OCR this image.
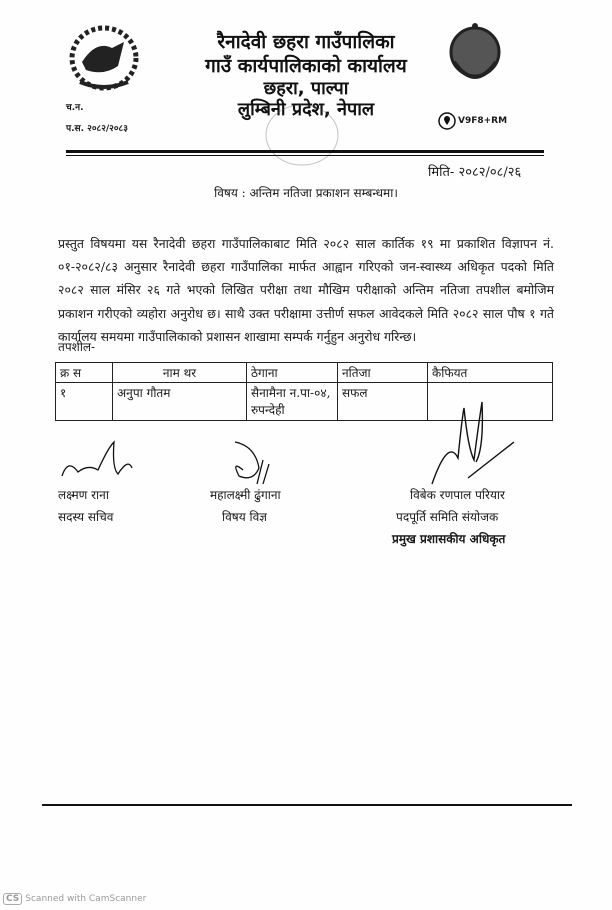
रैनादेवी छहरा गाउँपालिका
गाउँ कार्यपालिकाको कार्यालय
छहरा, पाल्पा
लुम्बिनी प्रदेश, नेपाल
च.न.
प.स. २०८२/२०८३
V9F8+RM
मिति- २०८२/०८/२६
विषय : अन्तिम नतिजा प्रकाशन सम्बन्धमा।
प्रस्तुत विषयमा यस रैनादेवी छहरा गाउँपालिकाबाट मिति २०८२ साल कार्तिक १९ मा प्रकाशित विज्ञापन नं. ०१-२०८२/८३ अनुसार रैनादेवी छहरा गाउँपालिका मार्फत आह्वान गरिएको जन-स्वास्थ्य अधिकृत पदको मिति २०८२ साल मंसिर २६ गते भएको लिखित परीक्षा तथा मौखिम परीक्षाको अन्तिम नतिजा तपशील बमोजिम प्रकाशन गरीएको व्यहोरा अनुरोध छ। साथै उक्त परीक्षामा उत्तीर्ण सफल आवेदकले मिति २०८२ साल पौष १ गते कार्यालय समयमा गाउँपालिकाको प्रशासन शाखामा सम्पर्क गर्नुहुन अनुरोध गरिन्छ।
तपशील-
क्र स	नाम थर	ठेगाना	नतिजा	कैफियत
१	अनुपा गौतम	सैनामैना न.पा-०४, रुपन्देही	सफल	
लक्ष्मण राना
सदस्य सचिव
महालक्ष्मी ढुंगाना
विषय विज्ञ
विबेक रणपाल परियार
पदपूर्ति समिति संयोजक
प्रमुख प्रशासकीय अधिकृत
CS Scanned with CamScanner
